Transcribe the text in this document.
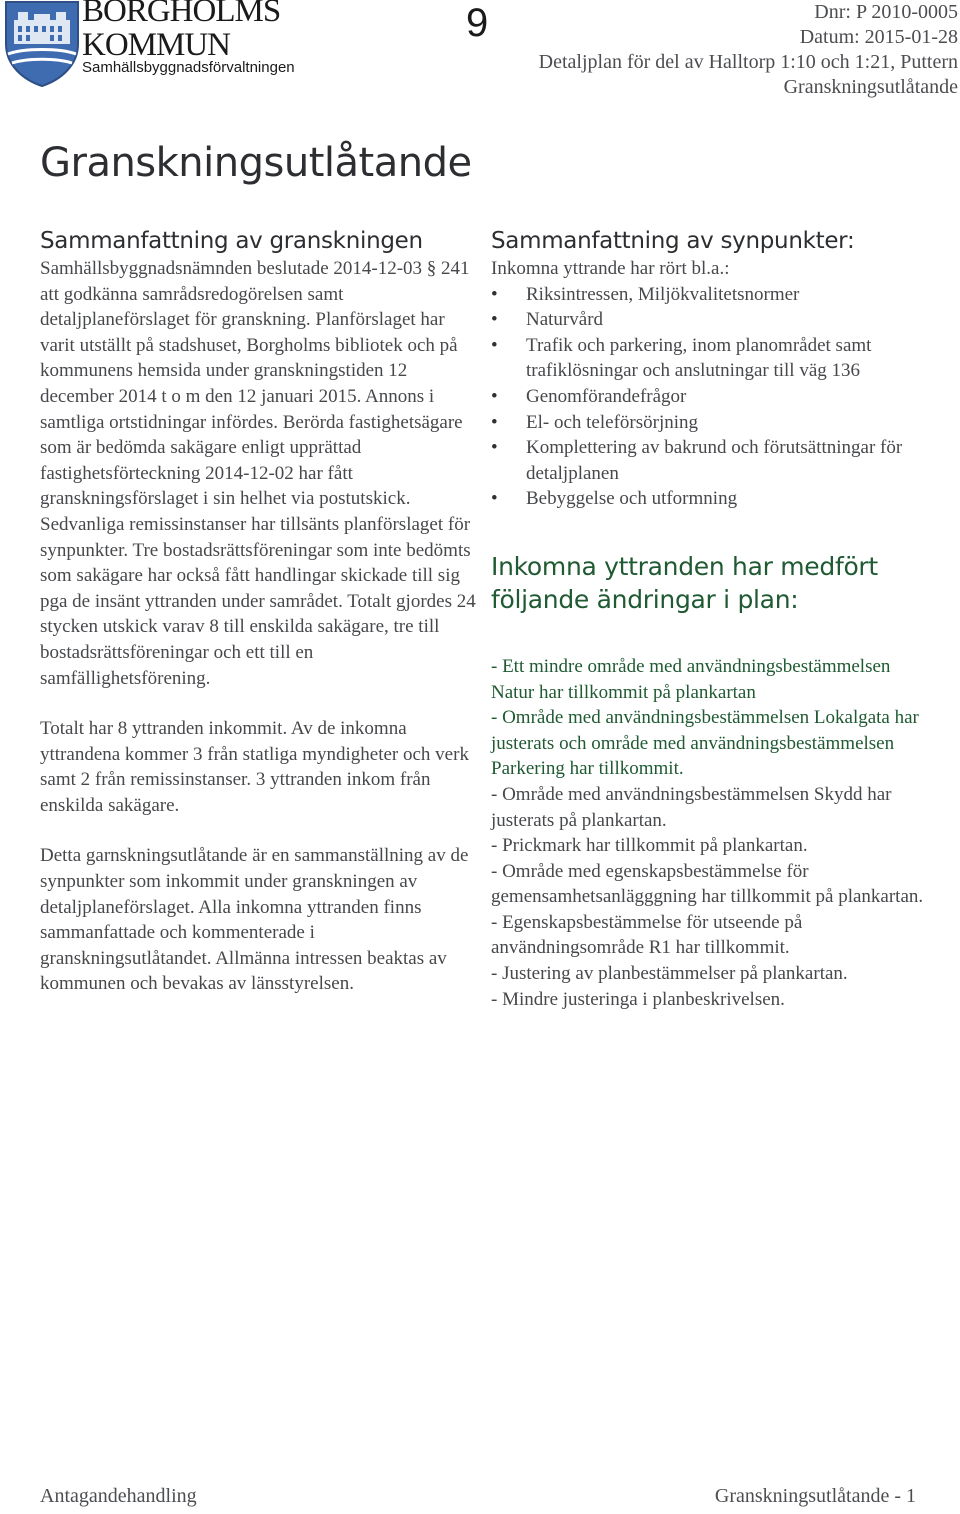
BORGHOLMS
KOMMUN
Samhällsbyggnadsförvaltningen
9	Dnr: P 2010-0005
Datum: 2015-01-28
Detaljplan för del av Halltorp 1:10 och 1:21, Puttern
Granskningsutlåtande
Granskningsutlåtande
Sammanfattning av granskningen

Samhällsbyggnadsnämnden beslutade 2014-12-03 § 241 att godkänna samrådsredogörelsen samt detaljplaneförslaget för granskning. Planförslaget har varit utställt på stadshuset, Borgholms bibliotek och på kommunens hemsida under granskningstiden 12 december 2014 t o m den 12 januari 2015. Annons i samtliga ortstidningar infördes. Berörda fastighetsägare som är bedömda sakägare enligt upprättad fastighetsförteckning 2014-12-02 har fått granskningsförslaget i sin helhet via postutskick. Sedvanliga remissinstanser har tillsänts planförslaget för synpunkter. Tre bostadsrättsföreningar som inte bedömts som sakägare har också fått handlingar skickade till sig pga de insänt yttranden under samrådet. Totalt gjordes 24 stycken utskick varav 8 till enskilda sakägare, tre till bostadsrättsföreningar och ett till en samfällighetsförening.

Totalt har 8 yttranden inkommit. Av de inkomna yttrandena kommer 3 från statliga myndigheter och verk samt 2 från remissinstanser. 3 yttranden inkom från enskilda sakägare.

Detta garnskningsutlåtande är en sammanställning av de synpunkter som inkommit under granskningen av detaljplaneförslaget. Alla inkomna yttranden finns sammanfattade och kommenterade i granskningsutlåtandet. Allmänna intressen beaktas av kommunen och bevakas av länsstyrelsen.

Sammanfattning av synpunkter:

Inkomna yttrande har rört bl.a.:

• Riksintressen, Miljökvalitetsnormer
• Naturvård
• Trafik och parkering, inom planområdet samt trafiklösningar och anslutningar till väg 136
• Genomförandefrågor
• El- och teleförsörjning
• Komplettering av bakrund och förutsättningar för detaljplanen
• Bebyggelse och utformning
Inkomna yttranden har medfört följande ändringar i plan:

- Ett mindre område med användningsbestämmelsen Natur har tillkommit på plankartan

- Område med användningsbestämmelsen Lokalgata har justerats och område med användningsbestämmelsen Parkering har tillkommit.

- Område med användningsbestämmelsen Skydd har justerats på plankartan.

- Prickmark har tillkommit på plankartan.

- Område med egenskapsbestämmelse för gemensamhetsanlägggning har tillkommit på plankartan.

- Egenskapsbestämmelse för utseende på användningsområde R1 har tillkommit.

- Justering av planbestämmelser på plankartan.

- Mindre justeringa i planbeskrivelsen.

Antagandehandling	Granskningsutlåtande - 1
